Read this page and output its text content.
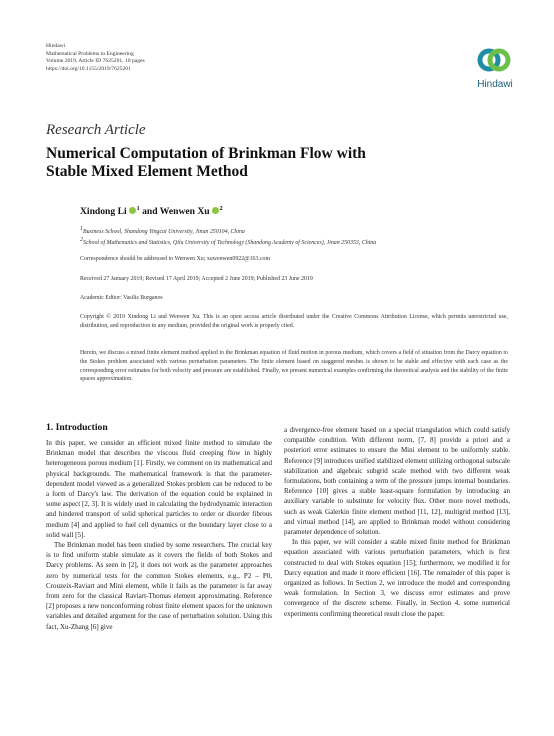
Hindawi
Mathematical Problems in Engineering
Volume 2019, Article ID 7625201, 10 pages
https://doi.org/10.1155/2019/7625201
Hindawi
Research Article
Numerical Computation of Brinkman Flow with Stable Mixed Element Method
Xindong Li $^1$ and Wenwen Xu $^2$
$^1$Business School, Shandong Yingcai University, Jinan 250104, China
$^2$School of Mathematics and Statistics, Qilu University of Technology (Shandong Academy of Sciences), Jinan 250353, China
Correspondence should be addressed to Wenwen Xu; xuwenwen0922@163.com
Received 27 January 2019; Revised 17 April 2019; Accepted 2 June 2019; Published 23 June 2019
Academic Editor: Vasilis Burganos
Copyright © 2019 Xindong Li and Wenwen Xu. This is an open access article distributed under the Creative Commons Attribution License, which permits unrestricted use, distribution, and reproduction in any medium, provided the original work is properly cited.
Herein, we discuss a mixed finite element method applied to the Brinkman equation of fluid motion in porous medium, which covers a field of situation from the Darcy equation to the Stokes problem associated with various perturbation parameters. The finite element based on staggered meshes is shown to be stable and effective with each case as the corresponding error estimates for both velocity and pressure are established. Finally, we present numerical examples confirming the theoretical analysis and the stability of the finite spaces approximation.
1. Introduction

In this paper, we consider an efficient mixed finite method to simulate the Brinkman model that describes the viscous fluid creeping flow in highly heterogeneous porous medium [1]. Firstly, we comment on its mathematical and physical backgrounds. The mathematical framework is that the parameter-dependent model viewed as a generalized Stokes problem can be reduced to be a form of Darcy's law. The derivation of the equation could be explained in some aspect [2, 3]. It is widely used in calculating the hydrodynamic interaction and hindered transport of solid spherical particles to order or disorder fibrous medium [4] and applied to fuel cell dynamics or the boundary layer close to a solid wall [5].

The Brinkman model has been studied by some researchers. The crucial key is to find uniform stable simulate as it covers the fields of both Stokes and Darcy problems. As seen in [2], it does not work as the parameter approaches zero by numerical tests for the common Stokes elements, e.g., P2 – P0, Crouzeix-Raviart and Mini element, while it fails as the parameter is far away from zero for the classical Raviart-Thomas element approximating. Reference [2] proposes a new nonconforming robust finite element spaces for the unknown variables and detailed argument for the case of perturbation solution. Using this fact, Xu-Zhang [6] give

a divergence-free element based on a special triangulation which could satisfy compatible condition. With different norm, [7, 8] provide a priori and a posteriori error estimates to ensure the Mini element to be uniformly stable. Reference [9] introduces unified stabilized element utilizing orthogonal subscale stabilization and algebraic subgrid scale method with two different weak formulations, both containing a term of the pressure jumps internal boundaries. Reference [10] gives a stable least-square formulation by introducing an auxiliary variable to substitute for velocity flux. Other more novel methods, such as weak Galerkin finite element method [11, 12], multigrid method [13], and virtual method [14], are applied to Brinkman model without considering parameter dependence of solution.

In this paper, we will consider a stable mixed finite method for Brinkman equation associated with various perturbation parameters, which is first constructed to deal with Stokes equation [15]; furthermore, we modified it for Darcy equation and made it more efficient [16]. The remainder of this paper is organized as follows. In Section 2, we introduce the model and corresponding weak formulation. In Section 3, we discuss error estimates and prove convergence of the discrete scheme. Finally, in Section 4, some numerical experiments confirming theoretical result close the paper.
